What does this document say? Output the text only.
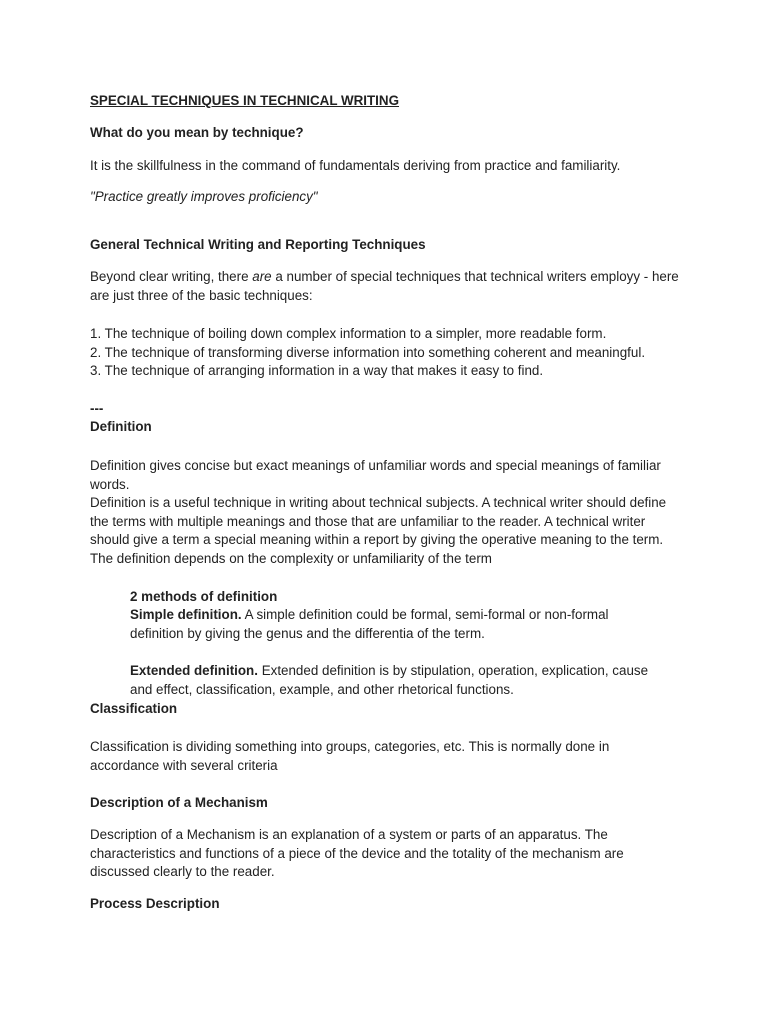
SPECIAL TECHNIQUES IN TECHNICAL WRITING

What do you mean by technique?

It is the skillfulness in the command of fundamentals deriving from practice and familiarity.

"Practice greatly improves proficiency"

General Technical Writing and Reporting Techniques

Beyond clear writing, there are a number of special techniques that technical writers employy - here are just three of the basic techniques:

1. The technique of boiling down complex information to a simpler, more readable form.
2. The technique of transforming diverse information into something coherent and meaningful.
3. The technique of arranging information in a way that makes it easy to find.

---

Definition

Definition gives concise but exact meanings of unfamiliar words and special meanings of familiar words.

Definition is a useful technique in writing about technical subjects. A technical writer should define the terms with multiple meanings and those that are unfamiliar to the reader. A technical writer should give a term a special meaning within a report by giving the operative meaning to the term. The definition depends on the complexity or unfamiliarity of the term

2 methods of definition

Simple definition. A simple definition could be formal, semi-formal or non-formal definition by giving the genus and the differentia of the term.

Extended definition. Extended definition is by stipulation, operation, explication, cause and effect, classification, example, and other rhetorical functions.

Classification

Classification is dividing something into groups, categories, etc. This is normally done in accordance with several criteria

Description of a Mechanism

Description of a Mechanism is an explanation of a system or parts of an apparatus. The characteristics and functions of a piece of the device and the totality of the mechanism are discussed clearly to the reader.

Process Description
